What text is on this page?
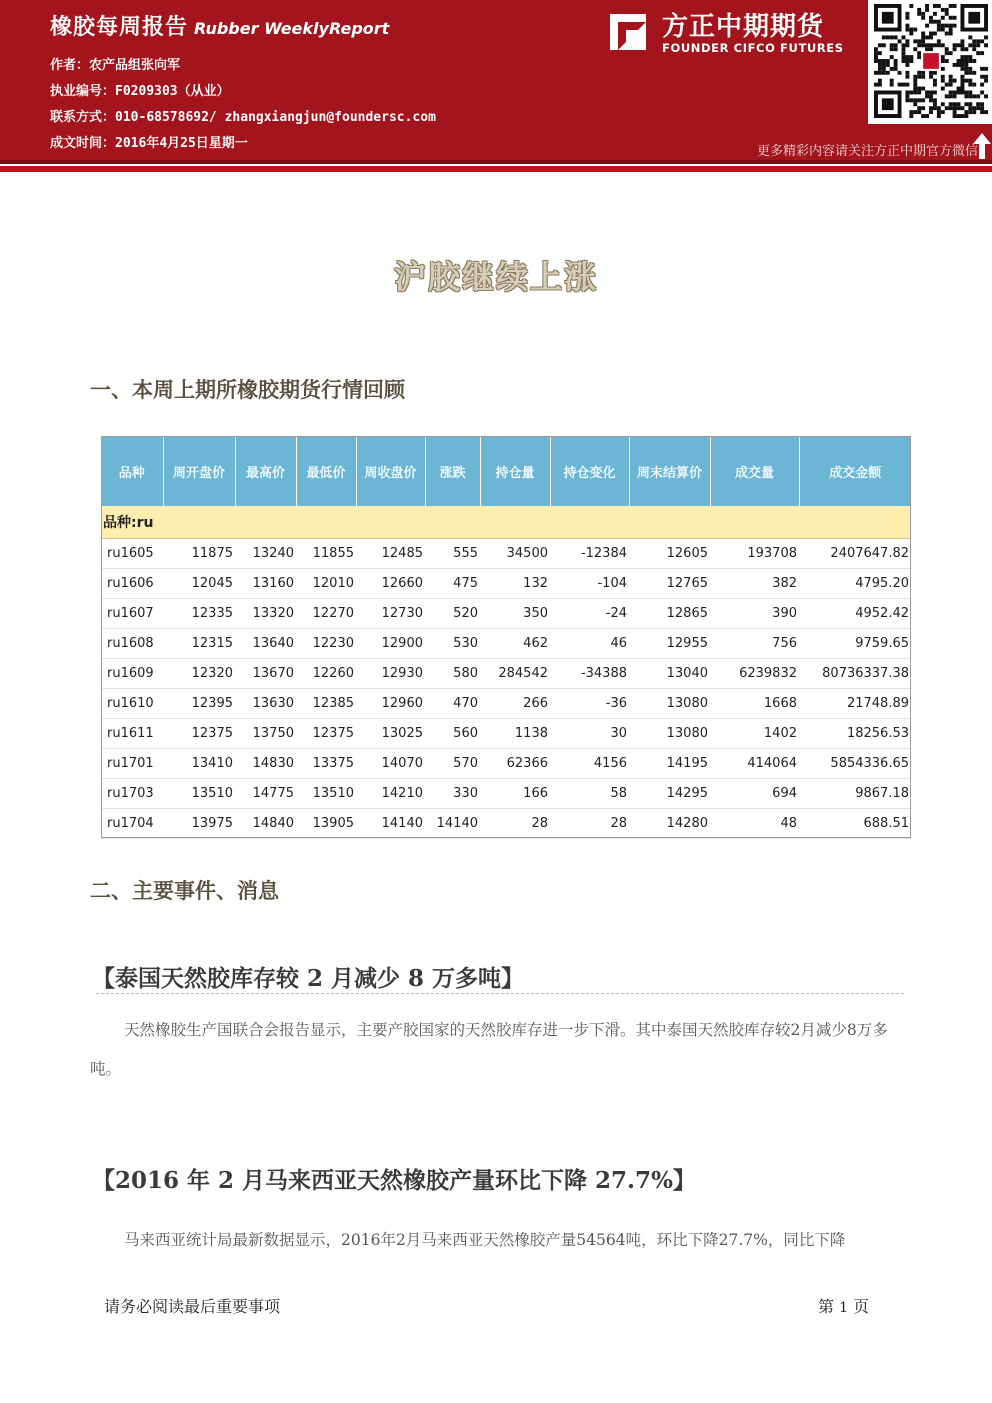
橡胶每周报告 Rubber WeeklyReport
作者：农产品组张向军
执业编号：F0209303（从业）
联系方式：010-68578692/ zhangxiangjun@foundersc.com
成文时间：2016年4月25日星期一
方正中期期货
FOUNDER CIFCO FUTURES
更多精彩内容请关注方正中期官方微信
沪胶继续上涨
一、本周上期所橡胶期货行情回顾
品种	周开盘价	最高价	最低价	周收盘价	涨跌	持仓量	持仓变化	周末结算价	成交量	成交金额
品种:ru										
ru1605	11875	13240	11855	12485	555	34500	-12384	12605	193708	2407647.82
ru1606	12045	13160	12010	12660	475	132	-104	12765	382	4795.20
ru1607	12335	13320	12270	12730	520	350	-24	12865	390	4952.42
ru1608	12315	13640	12230	12900	530	462	46	12955	756	9759.65
ru1609	12320	13670	12260	12930	580	284542	-34388	13040	6239832	80736337.38
ru1610	12395	13630	12385	12960	470	266	-36	13080	1668	21748.89
ru1611	12375	13750	12375	13025	560	1138	30	13080	1402	18256.53
ru1701	13410	14830	13375	14070	570	62366	4156	14195	414064	5854336.65
ru1703	13510	14775	13510	14210	330	166	58	14295	694	9867.18
ru1704	13975	14840	13905	14140	14140	28	28	14280	48	688.51
二、主要事件、消息
【泰国天然胶库存较 2 月减少 8 万多吨】
天然橡胶生产国联合会报告显示，主要产胶国家的天然胶库存进一步下滑。其中泰国天然胶库存较2月减少8万多吨。
【2016 年 2 月马来西亚天然橡胶产量环比下降 27.7%】
马来西亚统计局最新数据显示，2016年2月马来西亚天然橡胶产量54564吨，环比下降27.7%，同比下降
请务必阅读最后重要事项	第 1 页
